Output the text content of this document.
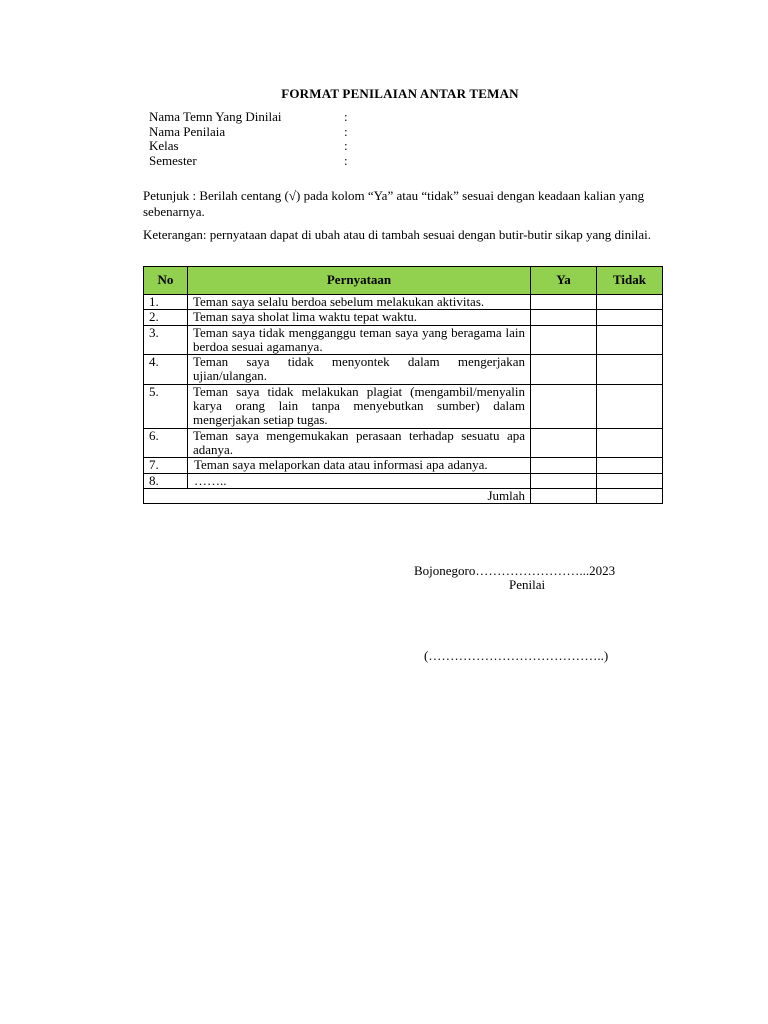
FORMAT PENILAIAN ANTAR TEMAN
Nama Temn Yang Dinilai	:
Nama Penilaia	:
Kelas	:
Semester	:
Petunjuk : Berilah centang (√) pada kolom “Ya” atau “tidak” sesuai dengan keadaan kalian yang sebenarnya.
Keterangan: pernyataan dapat di ubah atau di tambah sesuai dengan butir-butir sikap yang dinilai.
No	Pernyataan	Ya	Tidak
1.	Teman saya selalu berdoa sebelum melakukan aktivitas.		
2.	Teman saya sholat lima waktu tepat waktu.		
3.	Teman saya tidak mengganggu teman saya yang beragama lain berdoa sesuai agamanya.		
4.	Teman saya tidak menyontek dalam mengerjakan ujian/ulangan.		
5.	Teman saya tidak melakukan plagiat (mengambil/menyalin karya orang lain tanpa menyebutkan sumber) dalam mengerjakan setiap tugas.		
6.	Teman saya mengemukakan perasaan terhadap sesuatu apa adanya.		
7.	Teman saya melaporkan data atau informasi apa adanya.		
8.	……..		
Jumlah			
Bojonegoro……………………...2023
Penilai
(…………………………………..)
